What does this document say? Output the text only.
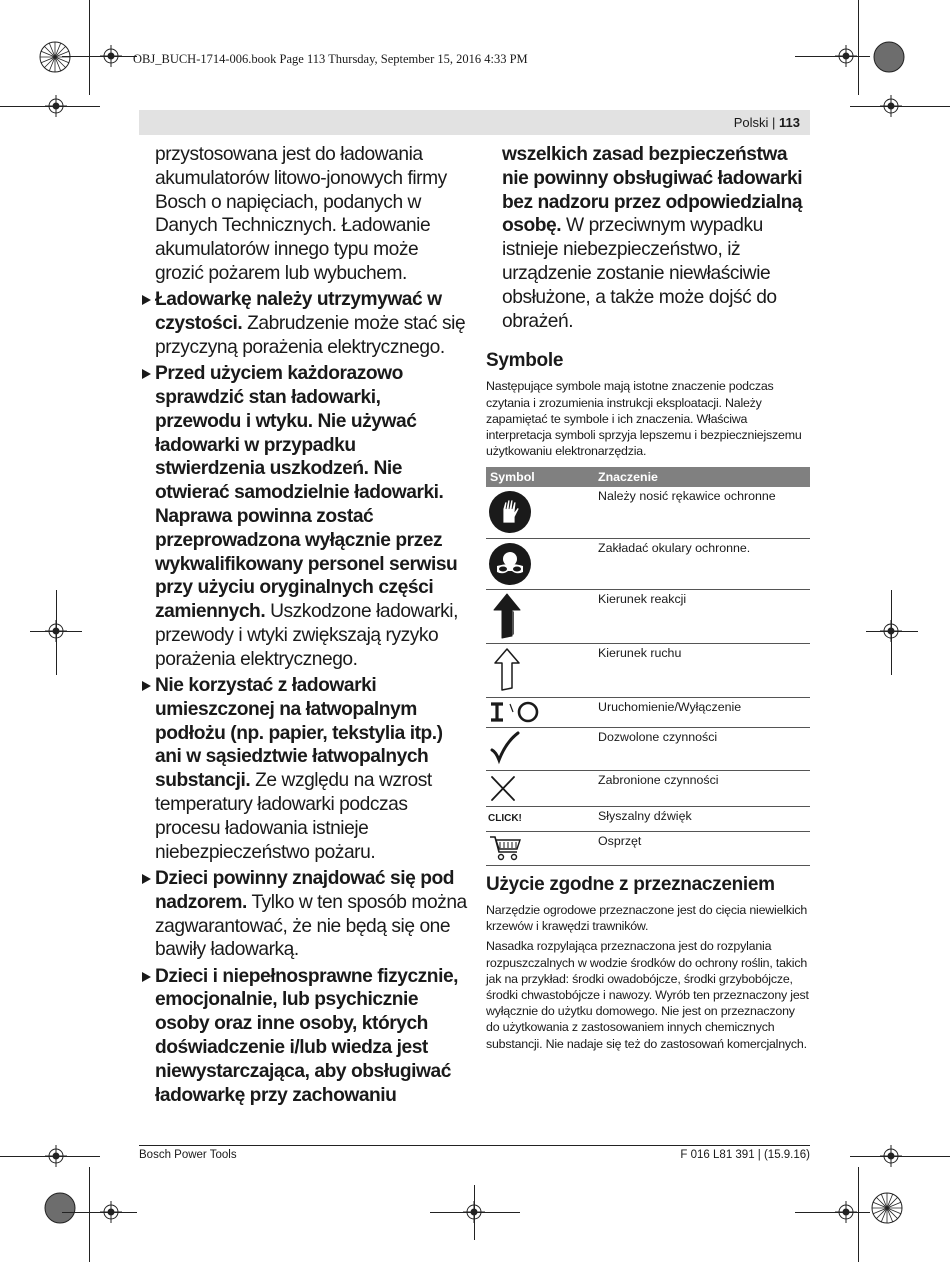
OBJ_BUCH-1714-006.book Page 113 Thursday, September 15, 2016 4:33 PM
Polski | 113

przystosowana jest do ładowania akumulatorów litowo-jonowych firmy Bosch o napięciach, podanych w Danych Technicznych. Ładowanie akumulatorów innego typu może grozić pożarem lub wybuchem.

Ładowarkę należy utrzymywać w czystości. Zabrudzenie może stać się przyczyną porażenia elektrycznego.
Przed użyciem każdorazowo sprawdzić stan ładowarki, przewodu i wtyku. Nie używać ładowarki w przypadku stwierdzenia uszkodzeń. Nie otwierać samodzielnie ładowarki. Naprawa powinna zostać przeprowadzona wyłącznie przez wykwalifikowany personel serwisu przy użyciu oryginalnych części zamiennych. Uszkodzone ładowarki, przewody i wtyki zwiększają ryzyko porażenia elektrycznego.
Nie korzystać z ładowarki umieszczonej na łatwopalnym podłożu (np. papier, tekstylia itp.) ani w sąsiedztwie łatwopalnych substancji. Ze względu na wzrost temperatury ładowarki podczas procesu ładowania istnieje niebezpieczeństwo pożaru.
Dzieci powinny znajdować się pod nadzorem. Tylko w ten sposób można zagwarantować, że nie będą się one bawiły ładowarką.
Dzieci i niepełnosprawne fizycznie, emocjonalnie, lub psychicznie osoby oraz inne osoby, których doświadczenie i/lub wiedza jest niewystarczająca, aby obsługiwać ładowarkę przy zachowaniu

wszelkich zasad bezpieczeństwa nie powinny obsługiwać ładowarki bez nadzoru przez odpowiedzialną osobę. W przeciwnym wypadku istnieje niebezpieczeństwo, iż urządzenie zostanie niewłaściwie obsłużone, a także może dojść do obrażeń.

Symbole

Następujące symbole mają istotne znaczenie podczas czytania i zrozumienia instrukcji eksploatacji. Należy zapamiętać te symbole i ich znaczenia. Właściwa interpretacja symboli sprzyja lepszemu i bezpieczniejszemu użytkowaniu elektronarzędzia.

Symbol	Znaczenie
	Należy nosić rękawice ochronne
	Zakładać okulary ochronne.
	Kierunek reakcji
	Kierunek ruchu
	Uruchomienie/Wyłączenie
	Dozwolone czynności
	Zabronione czynności
CLICK!	Słyszalny dźwięk
	Osprzęt
Użycie zgodne z przeznaczeniem

Narzędzie ogrodowe przeznaczone jest do cięcia niewielkich krzewów i krawędzi trawników.

Nasadka rozpylająca przeznaczona jest do rozpylania rozpuszczalnych w wodzie środków do ochrony roślin, takich jak na przykład: środki owadobójcze, środki grzybobójcze, środki chwastobójcze i nawozy. Wyrób ten przeznaczony jest wyłącznie do użytku domowego. Nie jest on przeznaczony do użytkowania z zastosowaniem innych chemicznych substancji. Nie nadaje się też do zastosowań komercjalnych.

Bosch Power Tools	F 016 L81 391 | (15.9.16)
